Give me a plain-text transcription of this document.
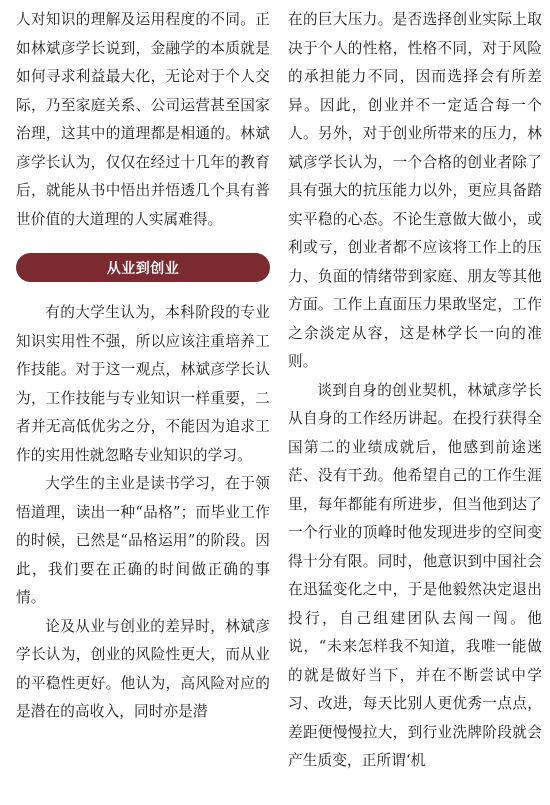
人对知识的理解及运用程度的不同。正如林斌彦学长说到，金融学的本质就是如何寻求利益最大化，无论对于个人交际，乃至家庭关系、公司运营甚至国家治理，这其中的道理都是相通的。林斌彦学长认为，仅仅在经过十几年的教育后，就能从书中悟出并悟透几个具有普世价值的大道理的人实属难得。

从业到创业

有的大学生认为，本科阶段的专业知识实用性不强，所以应该注重培养工作技能。对于这一观点，林斌彦学长认为，工作技能与专业知识一样重要，二者并无高低优劣之分，不能因为追求工作的实用性就忽略专业知识的学习。

大学生的主业是读书学习，在于领悟道理，读出一种“品格”；而毕业工作的时候，已然是“品格运用”的阶段。因此，我们要在正确的时间做正确的事情。

论及从业与创业的差异时，林斌彦学长认为，创业的风险性更大，而从业的平稳性更好。他认为，高风险对应的是潜在的高收入，同时亦是潜

在的巨大压力。是否选择创业实际上取决于个人的性格，性格不同，对于风险的承担能力不同，因而选择会有所差异。因此，创业并不一定适合每一个人。另外，对于创业所带来的压力，林斌彦学长认为，一个合格的创业者除了具有强大的抗压能力以外，更应具备踏实平稳的心态。不论生意做大做小，或利或亏，创业者都不应该将工作上的压力、负面的情绪带到家庭、朋友等其他方面。工作上直面压力果敢坚定，工作之余淡定从容，这是林学长一向的准则。

谈到自身的创业契机，林斌彦学长从自身的工作经历讲起。在投行获得全国第二的业绩成就后，他感到前途迷茫、没有干劲。他希望自己的工作生涯里，每年都能有所进步，但当他到达了一个行业的顶峰时他发现进步的空间变得十分有限。同时，他意识到中国社会在迅猛变化之中，于是他毅然决定退出投行，自己组建团队去闯一闯。他说，“未来怎样我不知道，我唯一能做的就是做好当下，并在不断尝试中学习、改进，每天比别人更优秀一点点，差距便慢慢拉大，到行业洗牌阶段就会产生质变，正所谓‘机
